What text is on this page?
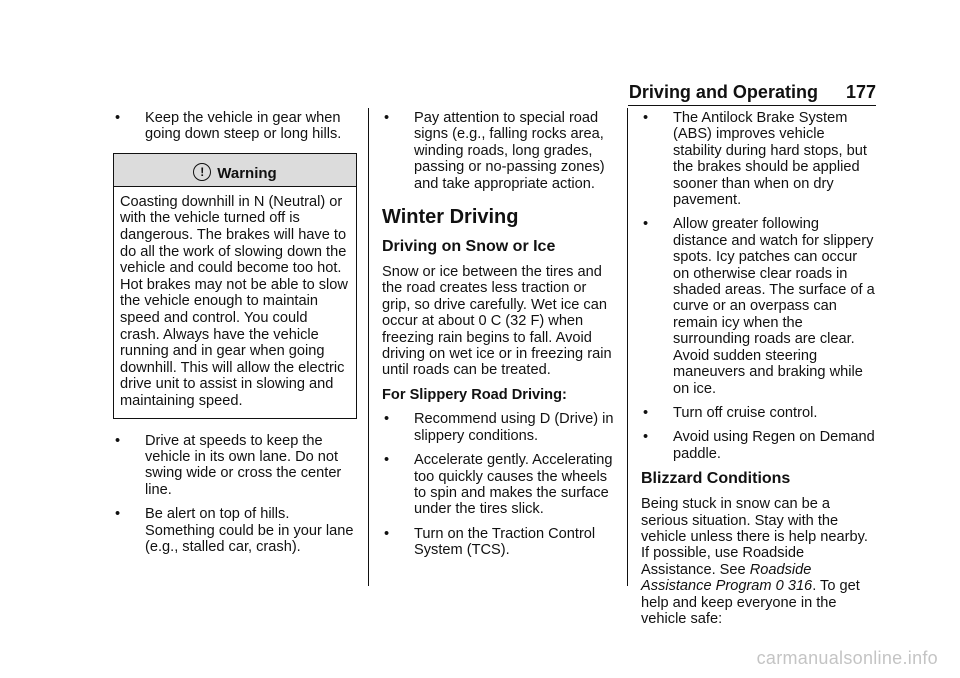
Driving and Operating 177
• Keep the vehicle in gear when going down steep or long hills.
! Warning
Coasting downhill in N (Neutral) or with the vehicle turned off is dangerous. The brakes will have to do all the work of slowing down the vehicle and could become too hot. Hot brakes may not be able to slow the vehicle enough to maintain speed and control. You could crash. Always have the vehicle running and in gear when going downhill. This will allow the electric drive unit to assist in slowing and maintaining speed.
• Drive at speeds to keep the vehicle in its own lane. Do not swing wide or cross the center line.
• Be alert on top of hills. Something could be in your lane (e.g., stalled car, crash).
• Pay attention to special road signs (e.g., falling rocks area, winding roads, long grades, passing or no-passing zones) and take appropriate action.
Winter Driving
Driving on Snow or Ice

Snow or ice between the tires and the road creates less traction or grip, so drive carefully. Wet ice can occur at about 0 C (32 F) when freezing rain begins to fall. Avoid driving on wet ice or in freezing rain until roads can be treated.

For Slippery Road Driving:
• Recommend using D (Drive) in slippery conditions.
• Accelerate gently. Accelerating too quickly causes the wheels to spin and makes the surface under the tires slick.
• Turn on the Traction Control System (TCS).
• The Antilock Brake System (ABS) improves vehicle stability during hard stops, but the brakes should be applied sooner than when on dry pavement.
• Allow greater following distance and watch for slippery spots. Icy patches can occur on otherwise clear roads in shaded areas. The surface of a curve or an overpass can remain icy when the surrounding roads are clear. Avoid sudden steering maneuvers and braking while on ice.
• Turn off cruise control.
• Avoid using Regen on Demand paddle.
Blizzard Conditions

Being stuck in snow can be a serious situation. Stay with the vehicle unless there is help nearby. If possible, use Roadside Assistance. See Roadside Assistance Program 0 316. To get help and keep everyone in the vehicle safe:

carmanualsonline.info
